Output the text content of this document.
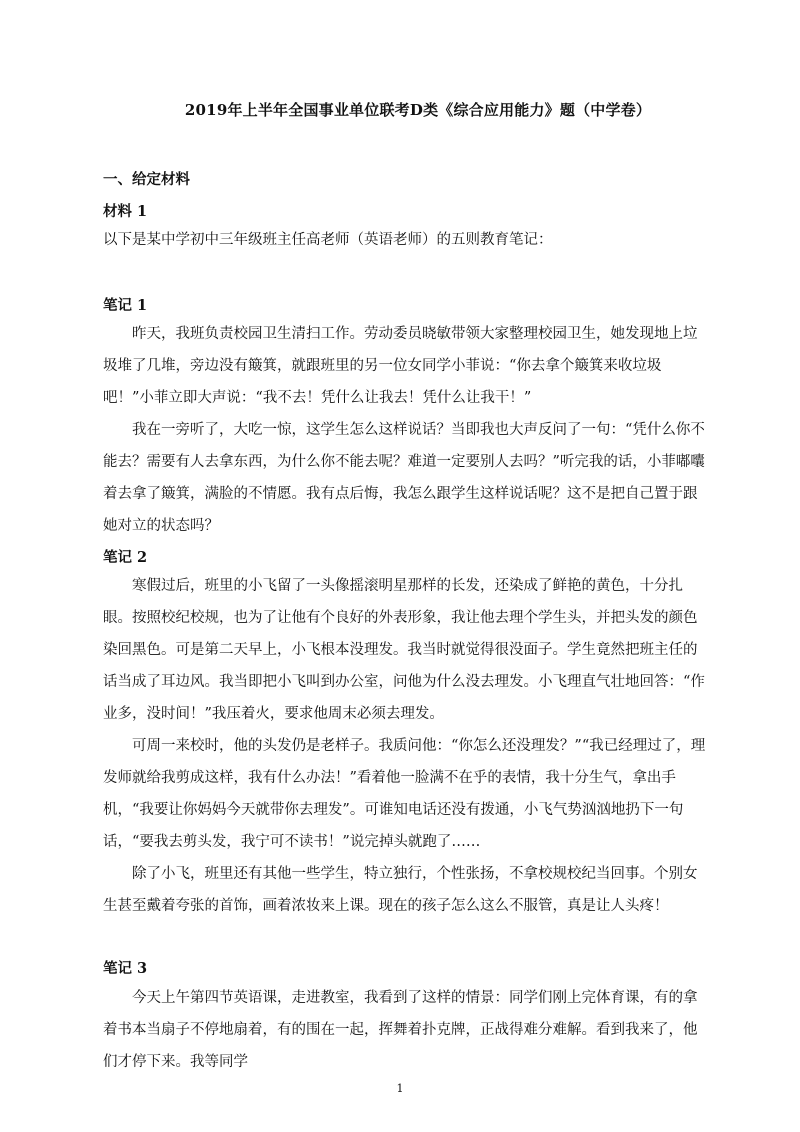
2019年上半年全国事业单位联考D类《综合应用能力》题（中学卷）
一、给定材料
材料 1
以下是某中学初中三年级班主任高老师（英语老师）的五则教育笔记：
笔记 1
昨天，我班负责校园卫生清扫工作。劳动委员晓敏带领大家整理校园卫生，她发现地上垃圾堆了几堆，旁边没有簸箕，就跟班里的另一位女同学小菲说：“你去拿个簸箕来收垃圾吧！”小菲立即大声说：“我不去！凭什么让我去！凭什么让我干！”
我在一旁听了，大吃一惊，这学生怎么这样说话？当即我也大声反问了一句：“凭什么你不能去？需要有人去拿东西，为什么你不能去呢？难道一定要别人去吗？”听完我的话，小菲嘟囔着去拿了簸箕，满脸的不情愿。我有点后悔，我怎么跟学生这样说话呢？这不是把自己置于跟她对立的状态吗？
笔记 2
寒假过后，班里的小飞留了一头像摇滚明星那样的长发，还染成了鲜艳的黄色，十分扎眼。按照校纪校规，也为了让他有个良好的外表形象，我让他去理个学生头，并把头发的颜色染回黑色。可是第二天早上，小飞根本没理发。我当时就觉得很没面子。学生竟然把班主任的话当成了耳边风。我当即把小飞叫到办公室，问他为什么没去理发。小飞理直气壮地回答：“作业多，没时间！”我压着火，要求他周末必须去理发。
可周一来校时，他的头发仍是老样子。我质问他：“你怎么还没理发？”“我已经理过了，理发师就给我剪成这样，我有什么办法！”看着他一脸满不在乎的表情，我十分生气，拿出手机，“我要让你妈妈今天就带你去理发”。可谁知电话还没有拨通，小飞气势汹汹地扔下一句话，“要我去剪头发，我宁可不读书！”说完掉头就跑了……
除了小飞，班里还有其他一些学生，特立独行，个性张扬，不拿校规校纪当回事。个别女生甚至戴着夸张的首饰，画着浓妆来上课。现在的孩子怎么这么不服管，真是让人头疼！
笔记 3
今天上午第四节英语课，走进教室，我看到了这样的情景：同学们刚上完体育课，有的拿着书本当扇子不停地扇着，有的围在一起，挥舞着扑克牌，正战得难分难解。看到我来了，他们才停下来。我等同学
1
